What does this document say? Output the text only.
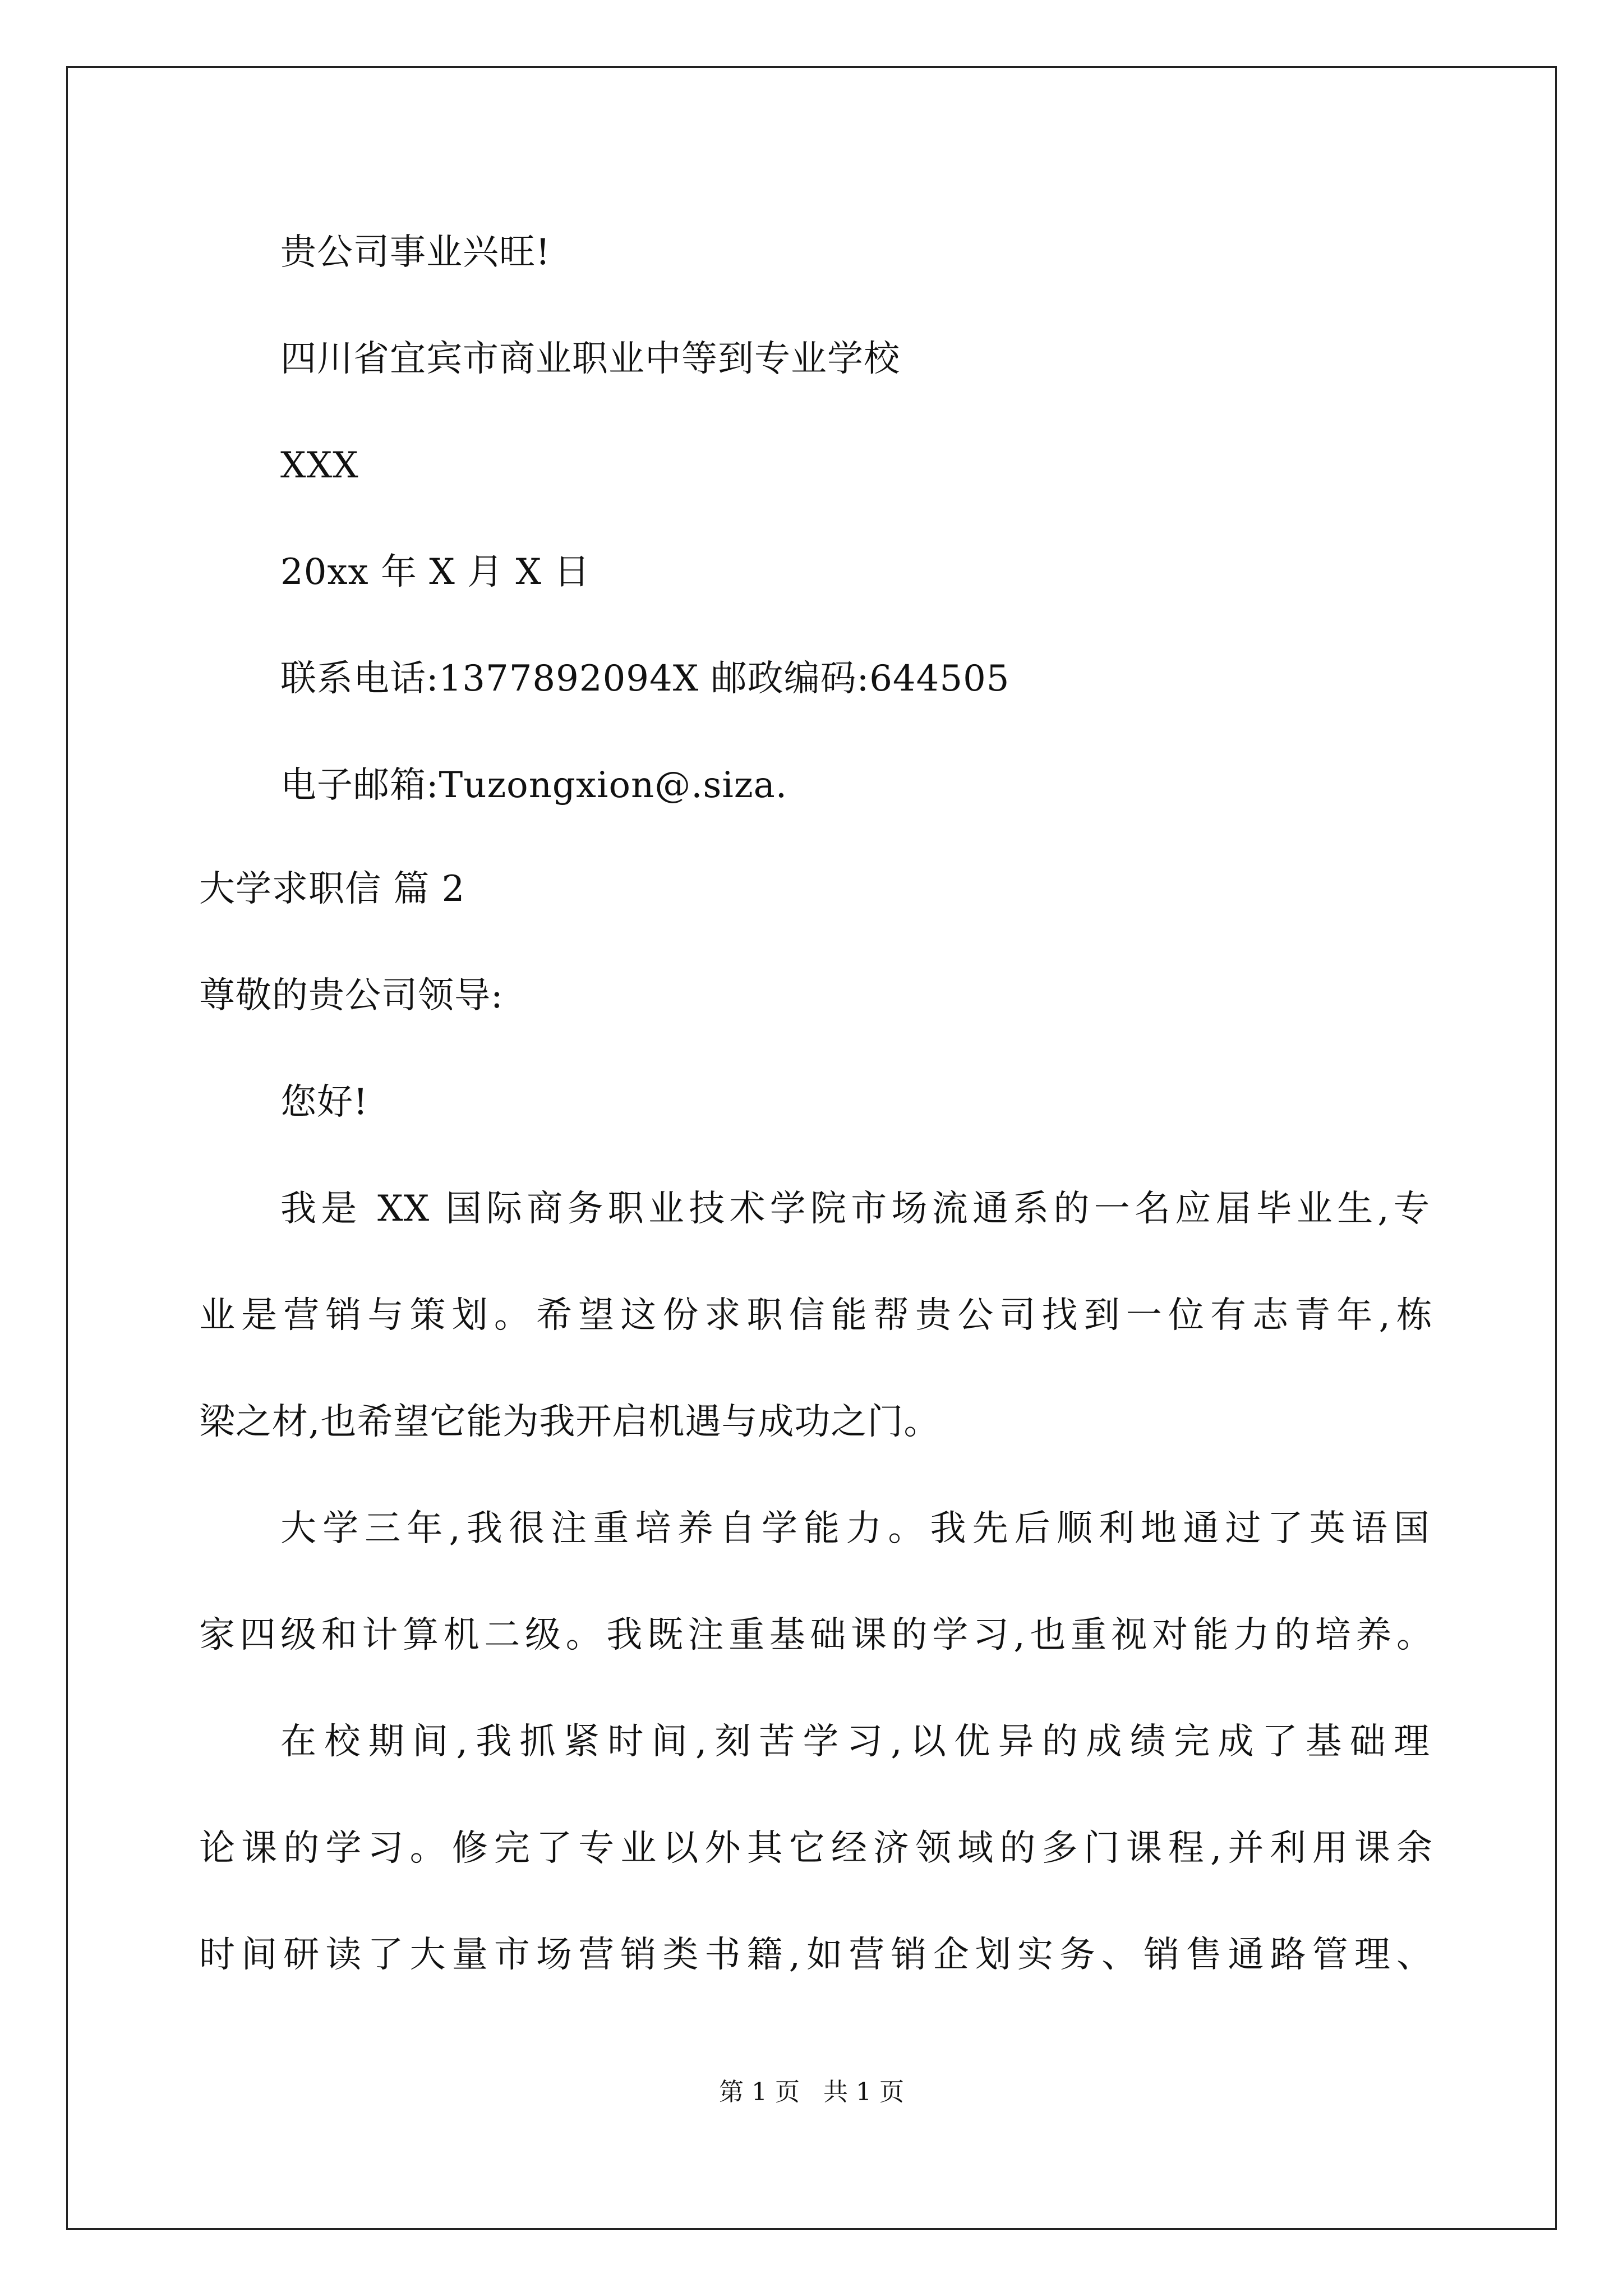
贵公司事业兴旺!
四川省宜宾市商业职业中等到专业学校
XXX
20xx 年 X 月 X 日
联系电话:1377892094X 邮政编码:644505
电子邮箱:Tuzongxion@.siza.
大学求职信 篇 2
尊敬的贵公司领导:
您好!
我是 XX 国际商务职业技术学院市场流通系的一名应届毕业生,专
业是营销与策划。希望这份求职信能帮贵公司找到一位有志青年,栋
梁之材,也希望它能为我开启机遇与成功之门。
大学三年,我很注重培养自学能力。我先后顺利地通过了英语国
家四级和计算机二级。我既注重基础课的学习,也重视对能力的培养。
在校期间,我抓紧时间,刻苦学习,以优异的成绩完成了基础理
论课的学习。修完了专业以外其它经济领域的多门课程,并利用课余
时间研读了大量市场营销类书籍,如营销企划实务、销售通路管理、
第 1 页   共 1 页
